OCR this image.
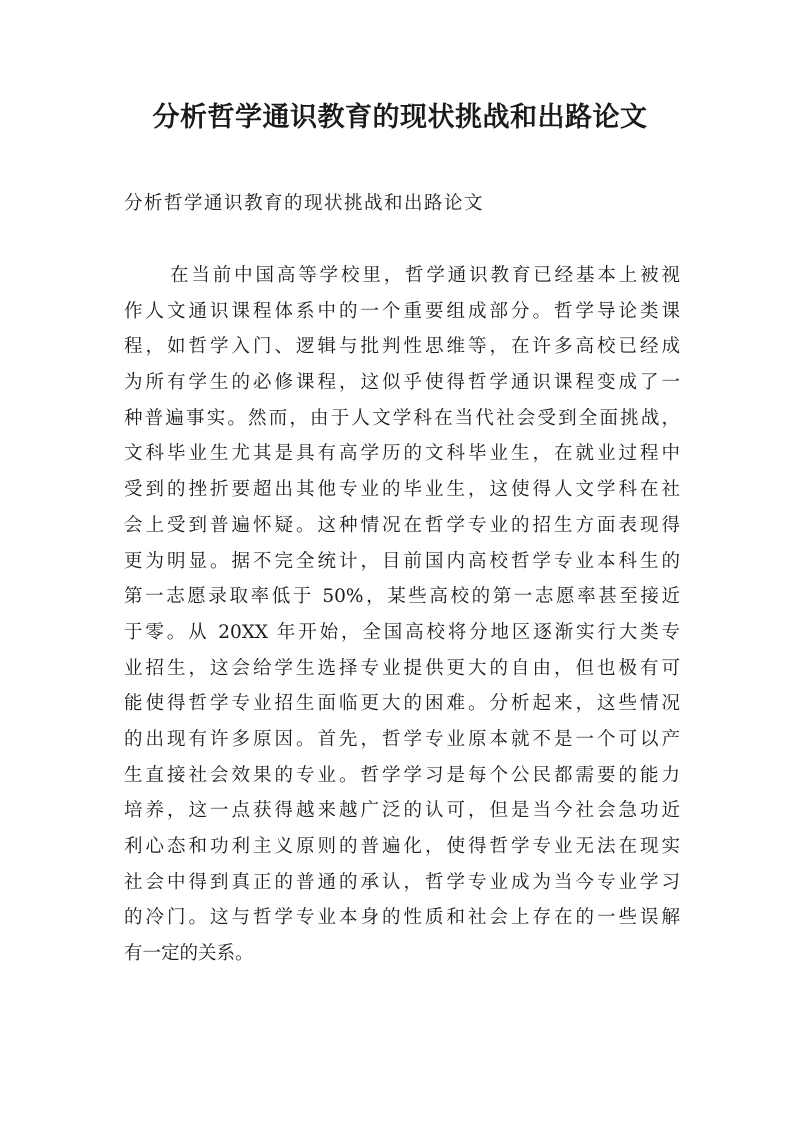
分析哲学通识教育的现状挑战和出路论文

分析哲学通识教育的现状挑战和出路论文

在当前中国高等学校里，哲学通识教育已经基本上被视
作人文通识课程体系中的一个重要组成部分。哲学导论类课
程，如哲学入门、逻辑与批判性思维等，在许多高校已经成
为所有学生的必修课程，这似乎使得哲学通识课程变成了一
种普遍事实。然而，由于人文学科在当代社会受到全面挑战，
文科毕业生尤其是具有高学历的文科毕业生，在就业过程中
受到的挫折要超出其他专业的毕业生，这使得人文学科在社
会上受到普遍怀疑。这种情况在哲学专业的招生方面表现得
更为明显。据不完全统计，目前国内高校哲学专业本科生的
第一志愿录取率低于 50%，某些高校的第一志愿率甚至接近
于零。从 20XX 年开始，全国高校将分地区逐渐实行大类专
业招生，这会给学生选择专业提供更大的自由，但也极有可
能使得哲学专业招生面临更大的困难。分析起来，这些情况
的出现有许多原因。首先，哲学专业原本就不是一个可以产
生直接社会效果的专业。哲学学习是每个公民都需要的能力
培养，这一点获得越来越广泛的认可，但是当今社会急功近
利心态和功利主义原则的普遍化，使得哲学专业无法在现实
社会中得到真正的普通的承认，哲学专业成为当今专业学习
的冷门。这与哲学专业本身的性质和社会上存在的一些误解
有一定的关系。
